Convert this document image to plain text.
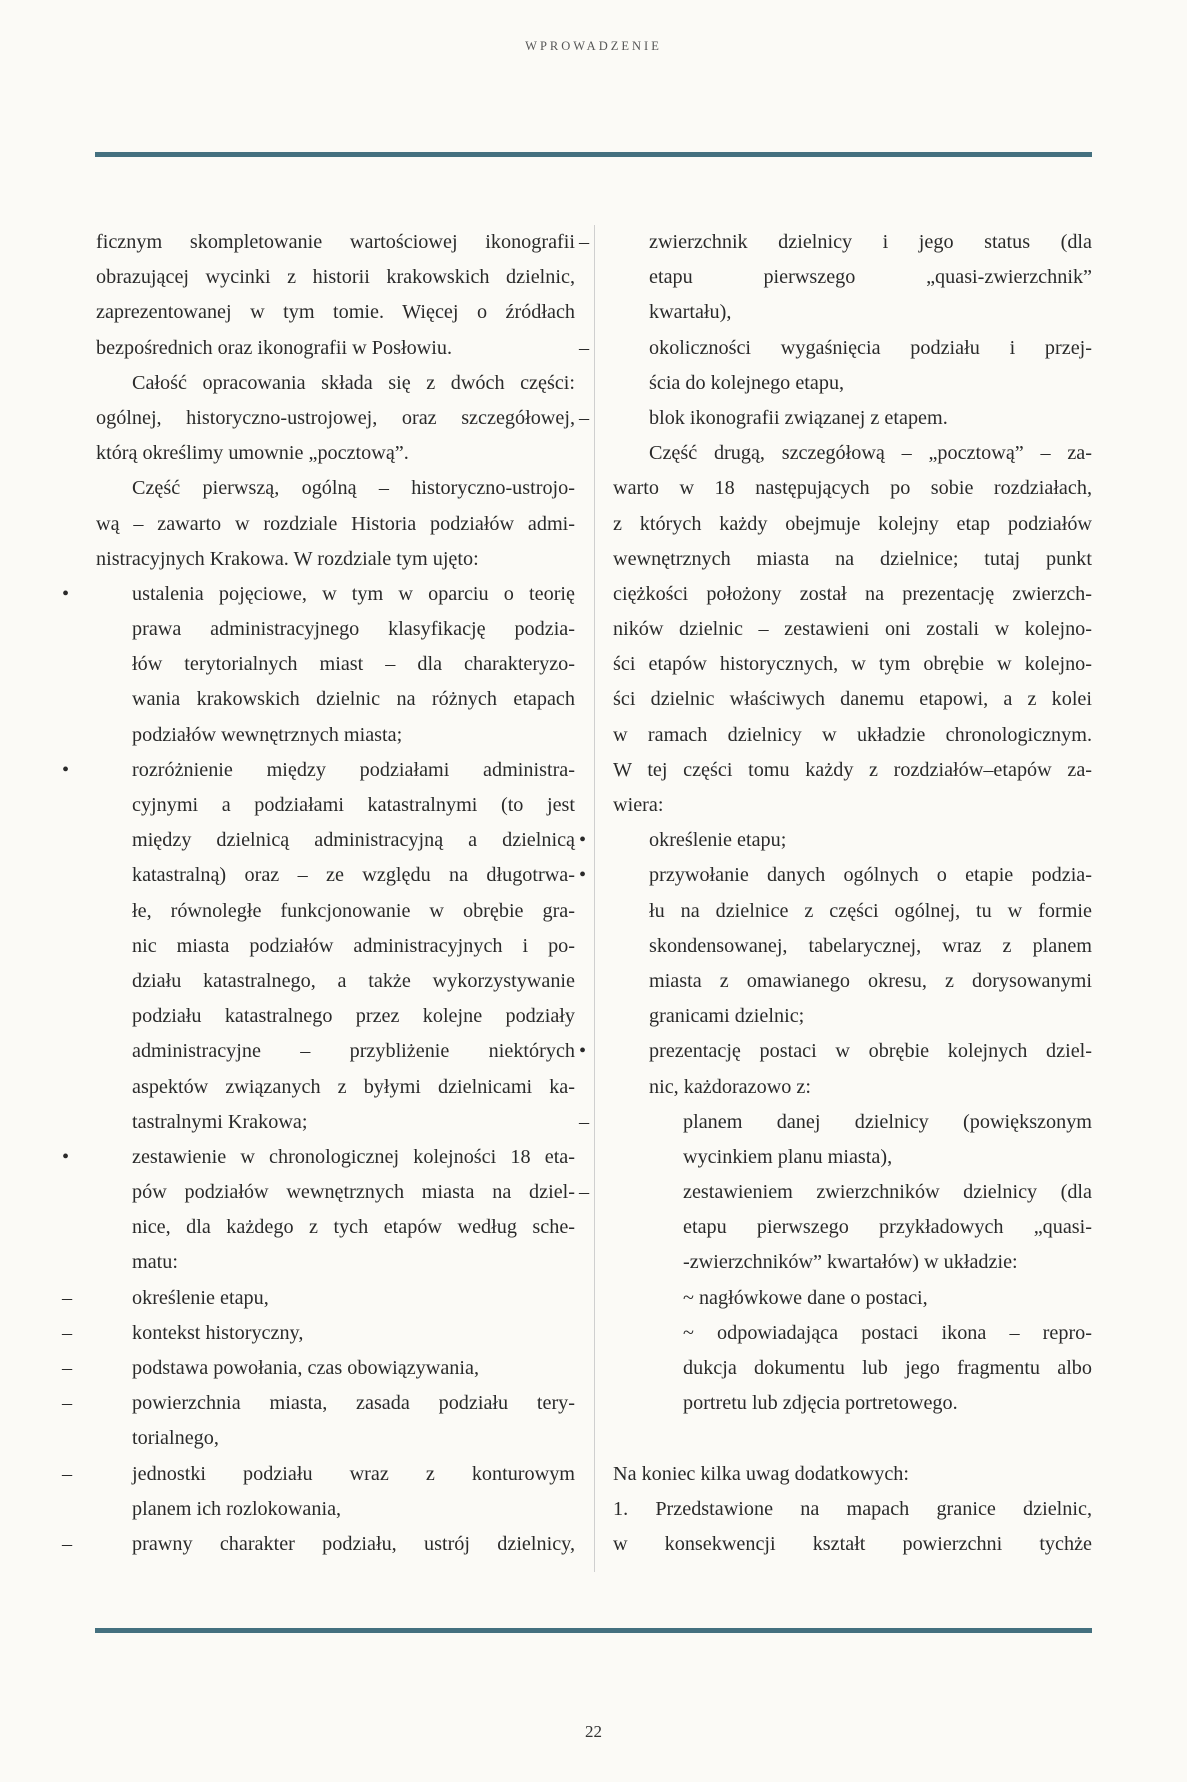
WPROWADZENIE
ficznym skompletowanie wartościowej ikonografii
obrazującej wycinki z historii krakowskich dzielnic,
zaprezentowanej w tym tomie. Więcej o źródłach
bezpośrednich oraz ikonografii w Posłowiu.
Całość opracowania składa się z dwóch części:
ogólnej, historyczno-ustrojowej, oraz szczegółowej,
którą określimy umownie „pocztową”.
Część pierwszą, ogólną – historyczno-ustrojo-
wą – zawarto w rozdziale Historia podziałów admi-
nistracyjnych Krakowa. W rozdziale tym ujęto:
•	ustalenia pojęciowe, w tym w oparciu o teorię
prawa administracyjnego klasyfikację podzia-
łów terytorialnych miast – dla charakteryzo-
wania krakowskich dzielnic na różnych etapach
podziałów wewnętrznych miasta;
•	rozróżnienie między podziałami administra-
cyjnymi a podziałami katastralnymi (to jest
między dzielnicą administracyjną a dzielnicą
katastralną) oraz – ze względu na długotrwa-
łe, równoległe funkcjonowanie w obrębie gra-
nic miasta podziałów administracyjnych i po-
działu katastralnego, a także wykorzystywanie
podziału katastralnego przez kolejne podziały
administracyjne – przybliżenie niektórych
aspektów związanych z byłymi dzielnicami ka-
tastralnymi Krakowa;
•	zestawienie w chronologicznej kolejności 18 eta-
pów podziałów wewnętrznych miasta na dziel-
nice, dla każdego z tych etapów według sche-
matu:
–	określenie etapu,
–	kontekst historyczny,
–	podstawa powołania, czas obowiązywania,
–	powierzchnia miasta, zasada podziału tery-
torialnego,
–	jednostki podziału wraz z konturowym
planem ich rozlokowania,
–	prawny charakter podziału, ustrój dzielnicy,
–	zwierzchnik dzielnicy i jego status (dla
etapu pierwszego „quasi-zwierzchnik”
kwartału),
–	okoliczności wygaśnięcia podziału i przej-
ścia do kolejnego etapu,
–	blok ikonografii związanej z etapem.
Część drugą, szczegółową – „pocztową” – za-
warto w 18 następujących po sobie rozdziałach,
z których każdy obejmuje kolejny etap podziałów
wewnętrznych miasta na dzielnice; tutaj punkt
ciężkości położony został na prezentację zwierzch-
ników dzielnic – zestawieni oni zostali w kolejno-
ści etapów historycznych, w tym obrębie w kolejno-
ści dzielnic właściwych danemu etapowi, a z kolei
w ramach dzielnicy w układzie chronologicznym.
W tej części tomu każdy z rozdziałów–etapów za-
wiera:
•	określenie etapu;
•	przywołanie danych ogólnych o etapie podzia-
łu na dzielnice z części ogólnej, tu w formie
skondensowanej, tabelarycznej, wraz z planem
miasta z omawianego okresu, z dorysowanymi
granicami dzielnic;
•	prezentację postaci w obrębie kolejnych dziel-
nic, każdorazowo z:
–	planem danej dzielnicy (powiększonym
wycinkiem planu miasta),
–	zestawieniem zwierzchników dzielnicy (dla
etapu pierwszego przykładowych „quasi-
-zwierzchników” kwartałów) w układzie:
~ nagłówkowe dane o postaci,
~ odpowiadająca postaci ikona – repro-
dukcja dokumentu lub jego fragmentu albo
portretu lub zdjęcia portretowego.
Na koniec kilka uwag dodatkowych:
1. Przedstawione na mapach granice dzielnic,
w konsekwencji kształt powierzchni tychże
22
